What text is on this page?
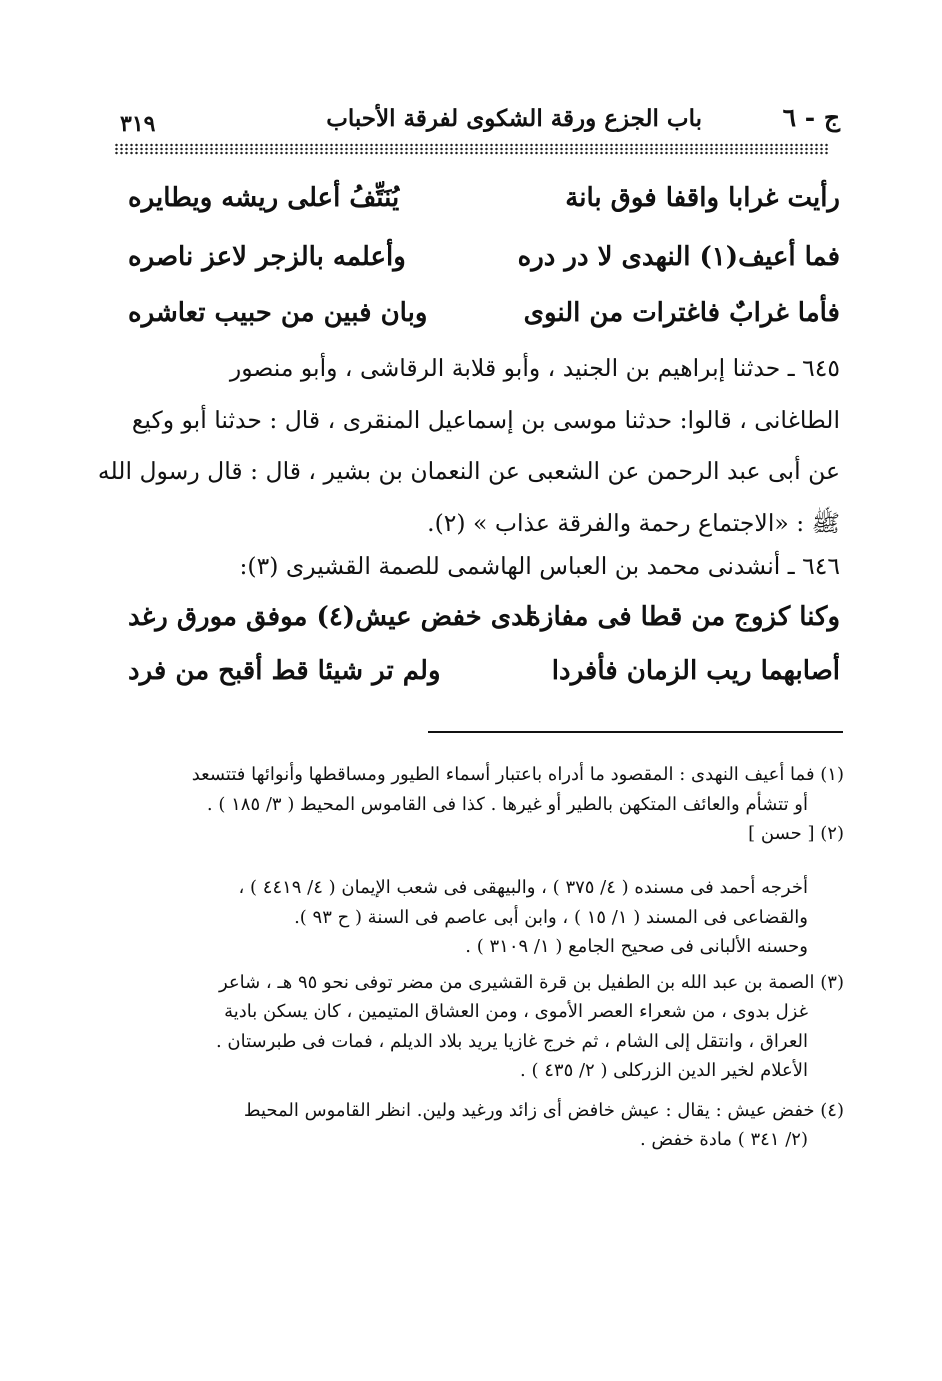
ج - ٦
باب الجزع ورقة الشكوى لفرقة الأحباب
٣١٩
رأيت غرابا واقفا فوق بانة
يُنَتِّفُ أعلى ريشه ويطايره
فما أعيف(١) النهدى لا در دره
وأعلمه بالزجر لاعز ناصره
فأما غرابٌ فاغترات من النوى
وبان فبين من حبيب تعاشره
٦٤٥ ـ حدثنا إبراهيم بن الجنيد ، وأبو قلابة الرقاشى ، وأبو منصور
الطاغانى ، قالوا: حدثنا موسى بن إسماعيل المنقرى ، قال : حدثنا أبو وكيع
عن أبى عبد الرحمن عن الشعبى عن النعمان بن بشير ، قال : قال رسول الله
ﷺ : «الاجتماع رحمة والفرقة عذاب » (٢).
٦٤٦ ـ أنشدنى محمد بن العباس الهاشمى للصمة القشيرى (٣):
وكنا كزوج من قطا فى مفازة
لدى خفض عيش(٤) موفق مورق رغد
أصابهما ريب الزمان فأفردا
ولم تر شيئا قط أقبح من فرد
(١) فما أعيف النهدى : المقصود ما أدراه باعتبار أسماء الطيور ومساقطها وأنوائها فتتسعد
أو تتشأم والعائف المتكهن بالطير أو غيرها . كذا فى القاموس المحيط ( ٣/ ١٨٥ ) .
(٢) [ حسن ]
أخرجه أحمد فى مسنده ( ٤/ ٣٧٥ ) ، والبيهقى فى شعب الإيمان ( ٤/ ٤٤١٩ ) ،
والقضاعى فى المسند ( ١/ ١٥ ) ، وابن أبى عاصم فى السنة ( ح ٩٣ ).
وحسنه الألبانى فى صحيح الجامع ( ١/ ٣١٠٩ ) .
(٣) الصمة بن عبد الله بن الطفيل بن قرة القشيرى من مضر توفى نحو ٩٥ هـ ، شاعر
غزل بدوى ، من شعراء العصر الأموى ، ومن العشاق المتيمين ، كان يسكن بادية
العراق ، وانتقل إلى الشام ، ثم خرج غازيا يريد بلاد الديلم ، فمات فى طبرستان .
الأعلام لخير الدين الزركلى ( ٢/ ٤٣٥ ) .
(٤) خفض عيش : يقال : عيش خافض أى زائد ورغيد ولين. انظر القاموس المحيط
(٢/ ٣٤١ ) مادة خفض .
